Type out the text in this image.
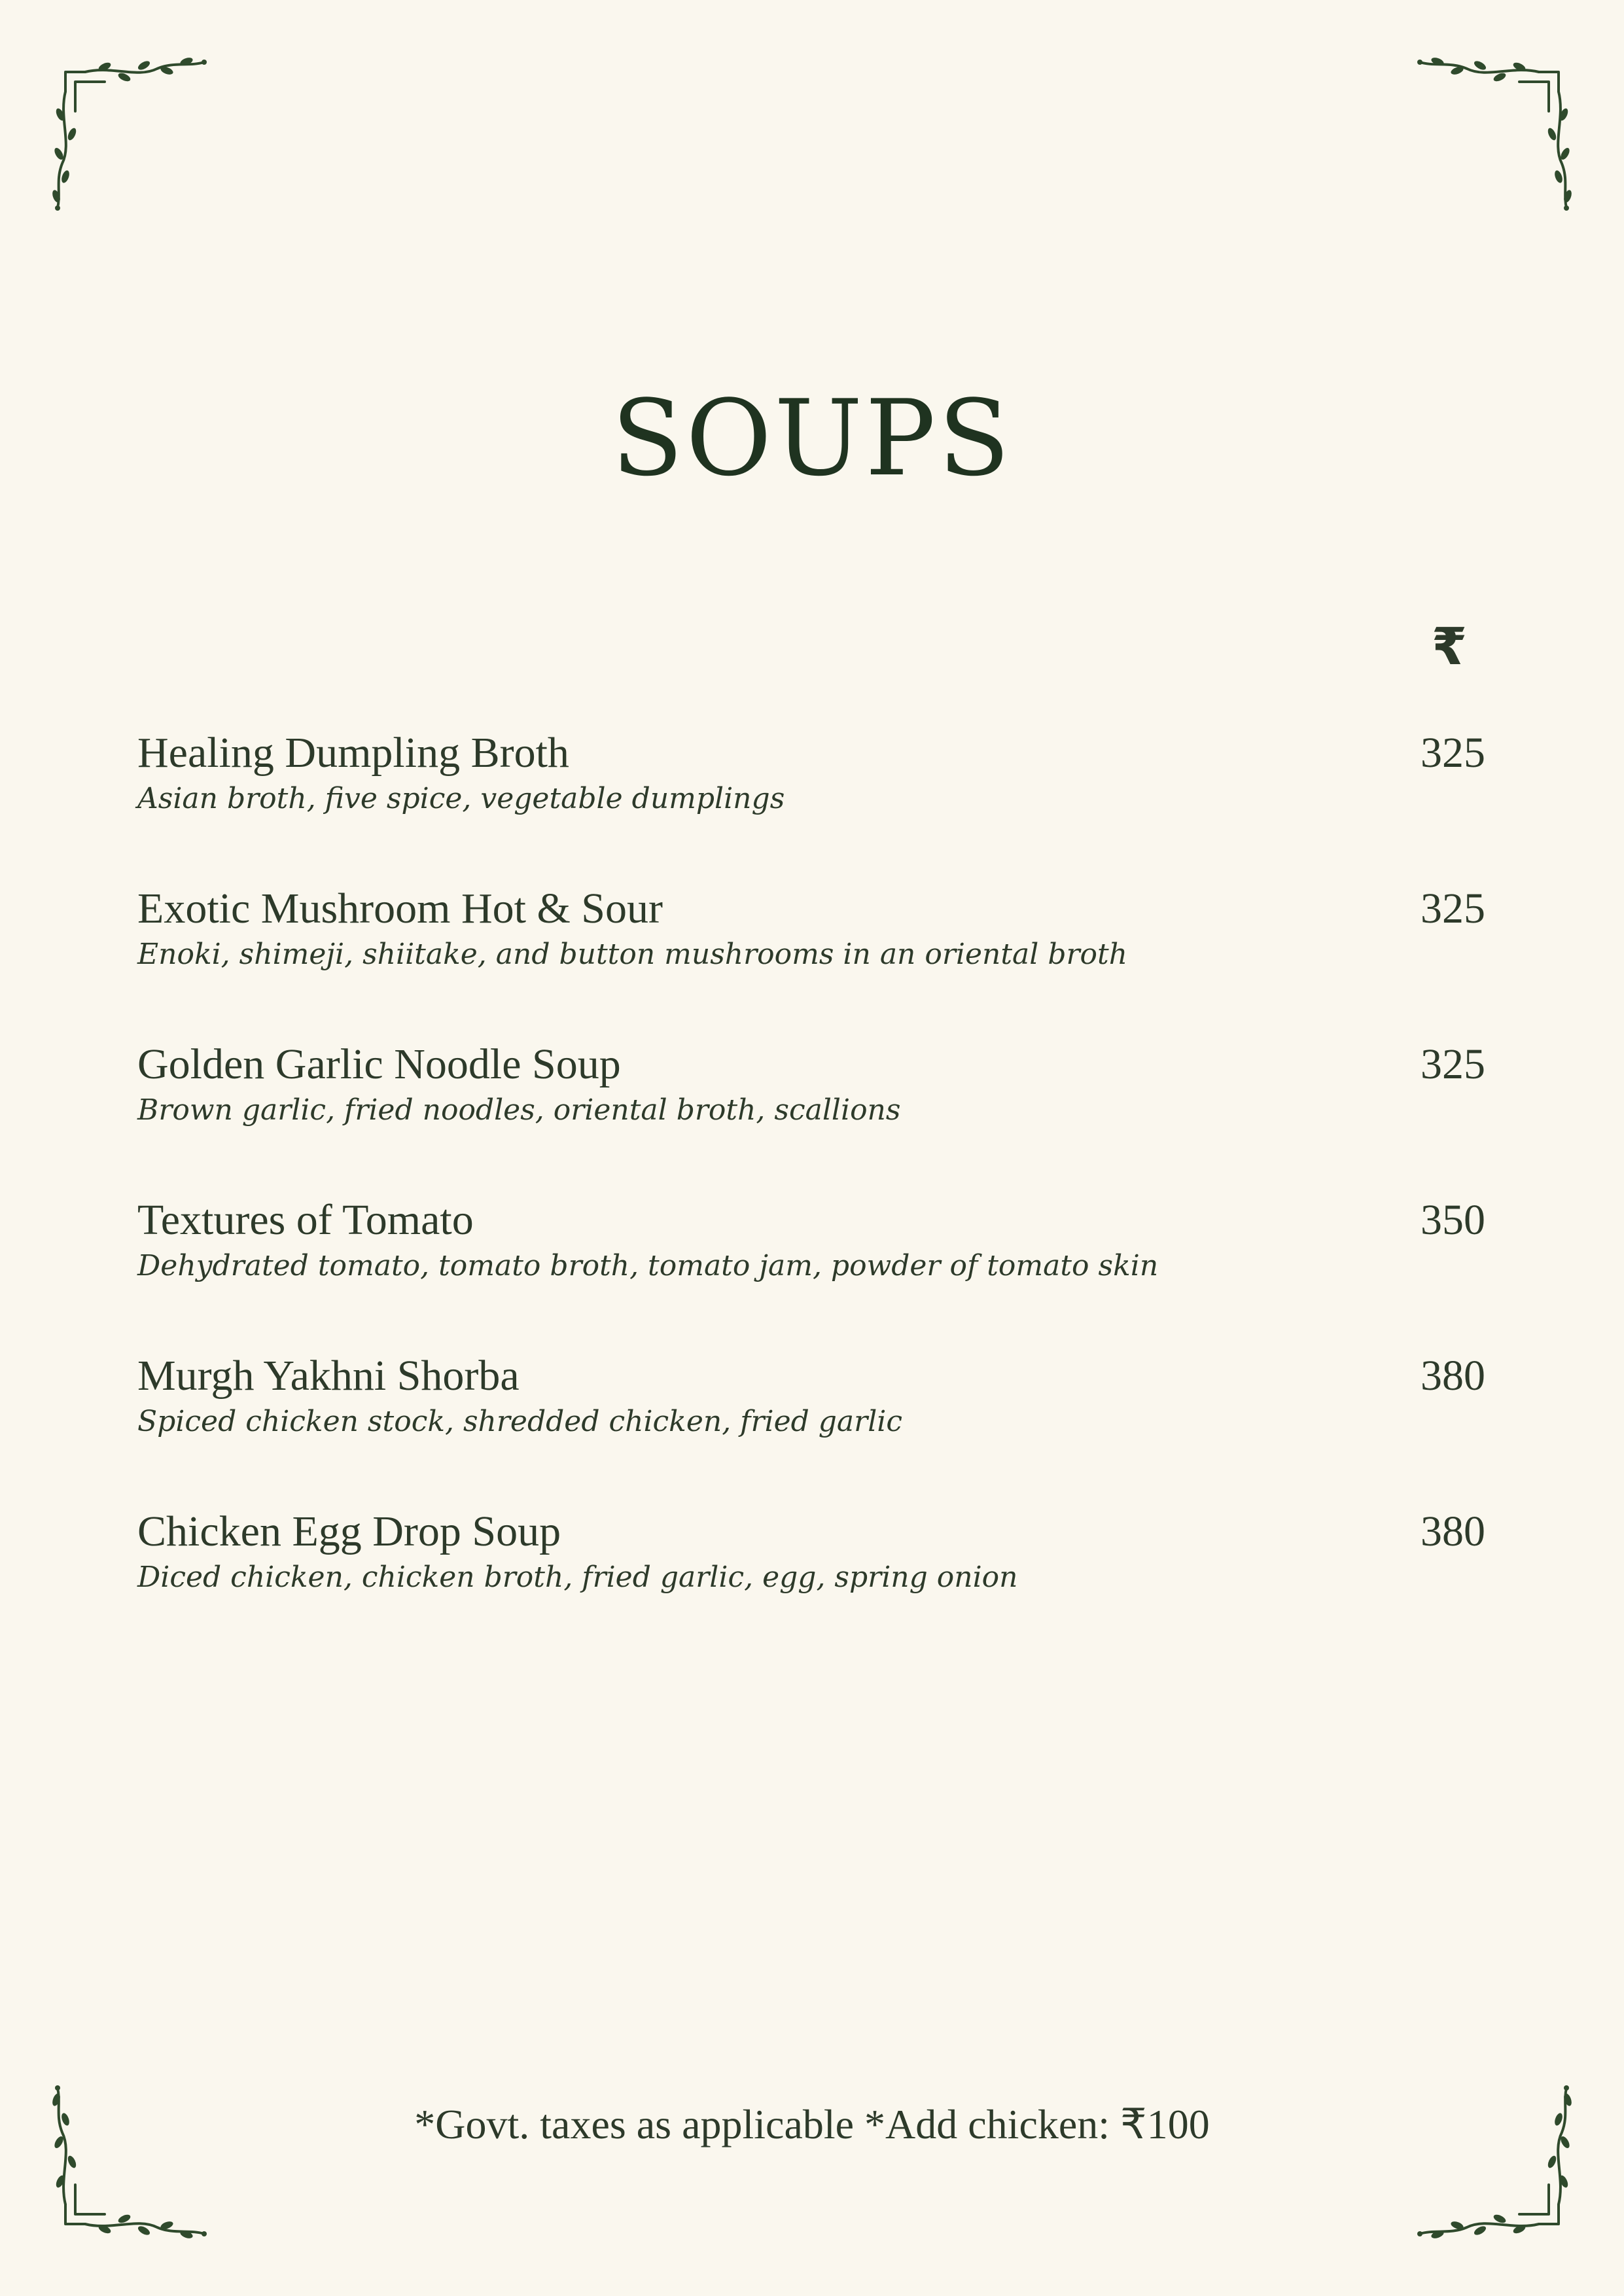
SOUPS
₹
Healing Dumpling Broth	325
Asian broth, five spice, vegetable dumplings
Exotic Mushroom Hot & Sour	325
Enoki, shimeji, shiitake, and button mushrooms in an oriental broth
Golden Garlic Noodle Soup	325
Brown garlic, fried noodles, oriental broth, scallions
Textures of Tomato	350
Dehydrated tomato, tomato broth, tomato jam, powder of tomato skin
Murgh Yakhni Shorba	380
Spiced chicken stock, shredded chicken, fried garlic
Chicken Egg Drop Soup	380
Diced chicken, chicken broth, fried garlic, egg, spring onion
*Govt. taxes as applicable *Add chicken: ₹100
